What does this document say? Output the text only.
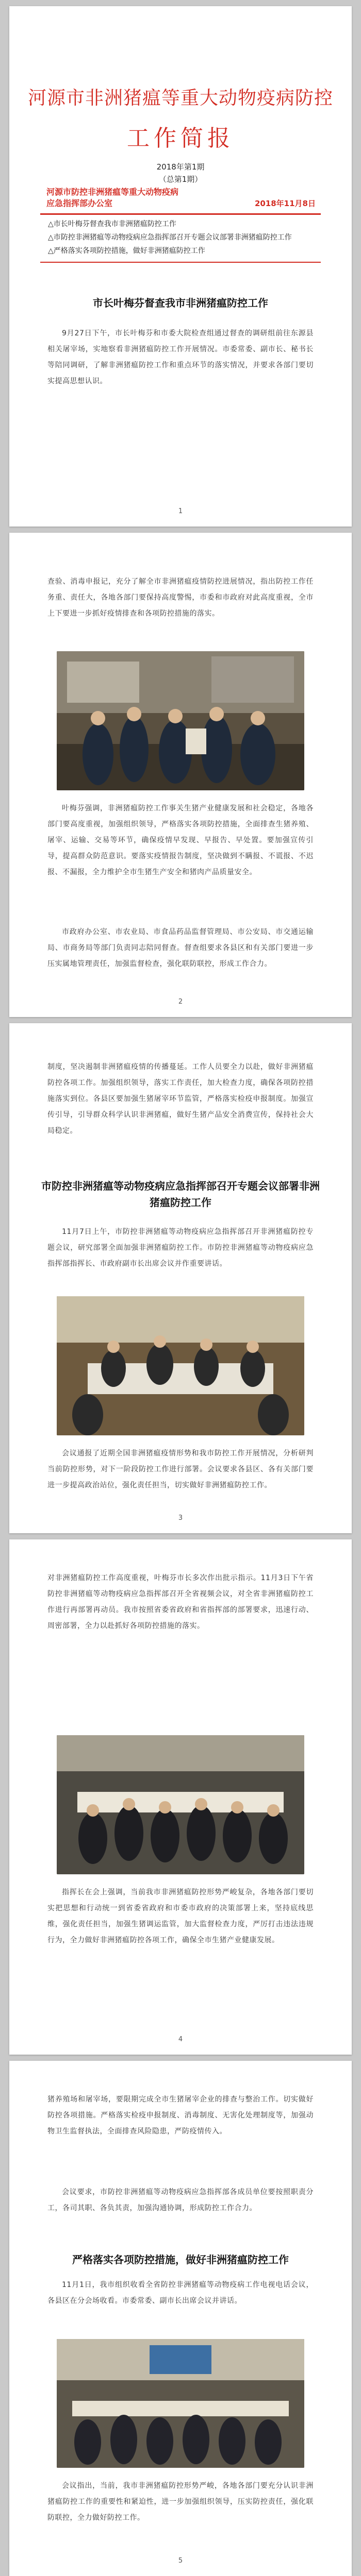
河源市非洲猪瘟等重大动物疫病防控
工作简报
2018年第1期
（总第1期）
河源市防控非洲猪瘟等重大动物疫病应急指挥部办公室	2018年11月8日
△市长叶梅芬督查我市非洲猪瘟防控工作
△市防控非洲猪瘟等动物疫病应急指挥部召开专题会议部署非洲猪瘟防控工作
△严格落实各项防控措施，做好非洲猪瘟防控工作
市长叶梅芬督查我市非洲猪瘟防控工作
9月27日下午，市长叶梅芬和市委大院检查组通过督查的调研组前往东源县相关屠宰场，实地察看非洲猪瘟防控工作开展情况。市委常委、副市长、秘书长等陪同调研，了解非洲猪瘟防控工作和重点环节的落实情况，并要求各部门要切实提高思想认识。
1
查验、消毒申报记，充分了解全市非洲猪瘟疫情防控进展情况，指出防控工作任务重、责任大，各地各部门要保持高度警惕，市委和市政府对此高度重视，全市上下要进一步抓好疫情排查和各项防控措施的落实。
叶梅芬强调，非洲猪瘟防控工作事关生猪产业健康发展和社会稳定，各地各部门要高度重视，加强组织领导，严格落实各项防控措施，全面排查生猪养殖、屠宰、运输、交易等环节，确保疫情早发现、早报告、早处置。要加强宣传引导，提高群众防范意识。要落实疫情报告制度，坚决做到不瞒报、不谎报、不迟报、不漏报，全力维护全市生猪生产安全和猪肉产品质量安全。
市政府办公室、市农业局、市食品药品监督管理局、市公安局、市交通运输局、市商务局等部门负责同志陪同督查。督查组要求各县区和有关部门要进一步压实属地管理责任，加强监督检查，强化联防联控，形成工作合力。
2
制度，坚决遏制非洲猪瘟疫情的传播蔓延。工作人员要全力以赴，做好非洲猪瘟防控各项工作。加强组织领导，落实工作责任，加大检查力度，确保各项防控措施落实到位。各县区要加强生猪屠宰环节监管，严格落实检疫申报制度。加强宣传引导，引导群众科学认识非洲猪瘟，做好生猪产品安全消费宣传，保持社会大局稳定。
市防控非洲猪瘟等动物疫病应急指挥部召开专题会议部署非洲猪瘟防控工作
11月7日上午，市防控非洲猪瘟等动物疫病应急指挥部召开非洲猪瘟防控专题会议，研究部署全面加强非洲猪瘟防控工作。市防控非洲猪瘟等动物疫病应急指挥部指挥长、市政府副市长出席会议并作重要讲话。
会议通报了近期全国非洲猪瘟疫情形势和我市防控工作开展情况，分析研判当前防控形势，对下一阶段防控工作进行部署。会议要求各县区、各有关部门要进一步提高政治站位，强化责任担当，切实做好非洲猪瘟防控工作。
3
对非洲猪瘟防控工作高度重视，叶梅芬市长多次作出批示指示。11月3日下午省防控非洲猪瘟等动物疫病应急指挥部召开全省视频会议，对全省非洲猪瘟防控工作进行再部署再动员。我市按照省委省政府和省指挥部的部署要求，迅速行动、周密部署，全力以赴抓好各项防控措施的落实。
指挥长在会上强调，当前我市非洲猪瘟防控形势严峻复杂，各地各部门要切实把思想和行动统一到省委省政府和市委市政府的决策部署上来，坚持底线思维，强化责任担当，加强生猪调运监管，加大监督检查力度，严厉打击违法违规行为，全力做好非洲猪瘟防控各项工作，确保全市生猪产业健康发展。
4
猪养殖场和屠宰场，要限期完成全市生猪屠宰企业的排查与整治工作。切实做好防控各项措施。严格落实检疫申报制度、消毒制度、无害化处理制度等，加强动物卫生监督执法，全面排查风险隐患，严防疫情传入。
会议要求，市防控非洲猪瘟等动物疫病应急指挥部各成员单位要按照职责分工，各司其职、各负其责，加强沟通协调，形成防控工作合力。
严格落实各项防控措施，做好非洲猪瘟防控工作
11月1日，我市组织收看全省防控非洲猪瘟等动物疫病工作电视电话会议，各县区在分会场收看。市委常委、副市长出席会议并讲话。
会议指出，当前，我市非洲猪瘟防控形势严峻，各地各部门要充分认识非洲猪瘟防控工作的重要性和紧迫性，进一步加强组织领导，压实防控责任，强化联防联控，全力做好防控工作。
5
